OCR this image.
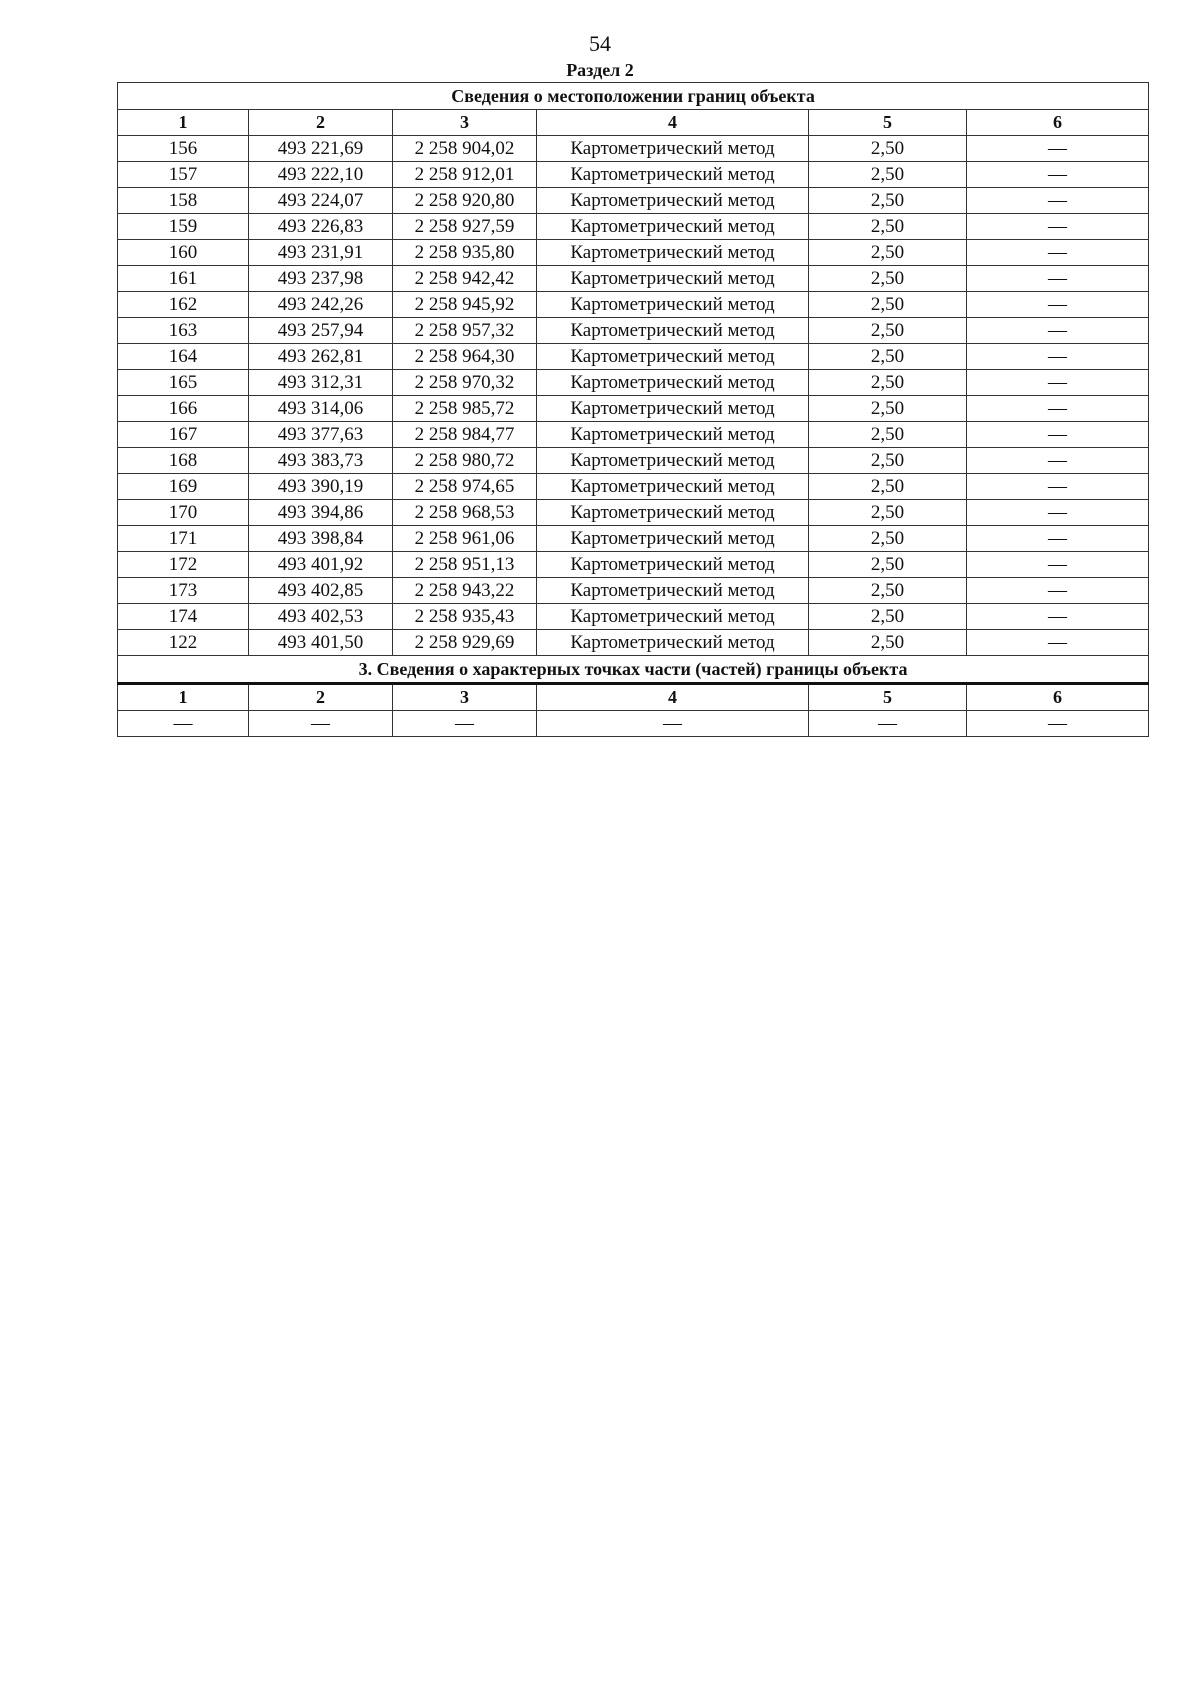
54
Раздел 2
Сведения о местоположении границ объекта					
1	2	3	4	5	6
156	493 221,69	2 258 904,02	Картометрический метод	2,50	—
157	493 222,10	2 258 912,01	Картометрический метод	2,50	—
158	493 224,07	2 258 920,80	Картометрический метод	2,50	—
159	493 226,83	2 258 927,59	Картометрический метод	2,50	—
160	493 231,91	2 258 935,80	Картометрический метод	2,50	—
161	493 237,98	2 258 942,42	Картометрический метод	2,50	—
162	493 242,26	2 258 945,92	Картометрический метод	2,50	—
163	493 257,94	2 258 957,32	Картометрический метод	2,50	—
164	493 262,81	2 258 964,30	Картометрический метод	2,50	—
165	493 312,31	2 258 970,32	Картометрический метод	2,50	—
166	493 314,06	2 258 985,72	Картометрический метод	2,50	—
167	493 377,63	2 258 984,77	Картометрический метод	2,50	—
168	493 383,73	2 258 980,72	Картометрический метод	2,50	—
169	493 390,19	2 258 974,65	Картометрический метод	2,50	—
170	493 394,86	2 258 968,53	Картометрический метод	2,50	—
171	493 398,84	2 258 961,06	Картометрический метод	2,50	—
172	493 401,92	2 258 951,13	Картометрический метод	2,50	—
173	493 402,85	2 258 943,22	Картометрический метод	2,50	—
174	493 402,53	2 258 935,43	Картометрический метод	2,50	—
122	493 401,50	2 258 929,69	Картометрический метод	2,50	—
3. Сведения о характерных точках части (частей) границы объекта					
1	2	3	4	5	6
—	—	—	—	—	—
